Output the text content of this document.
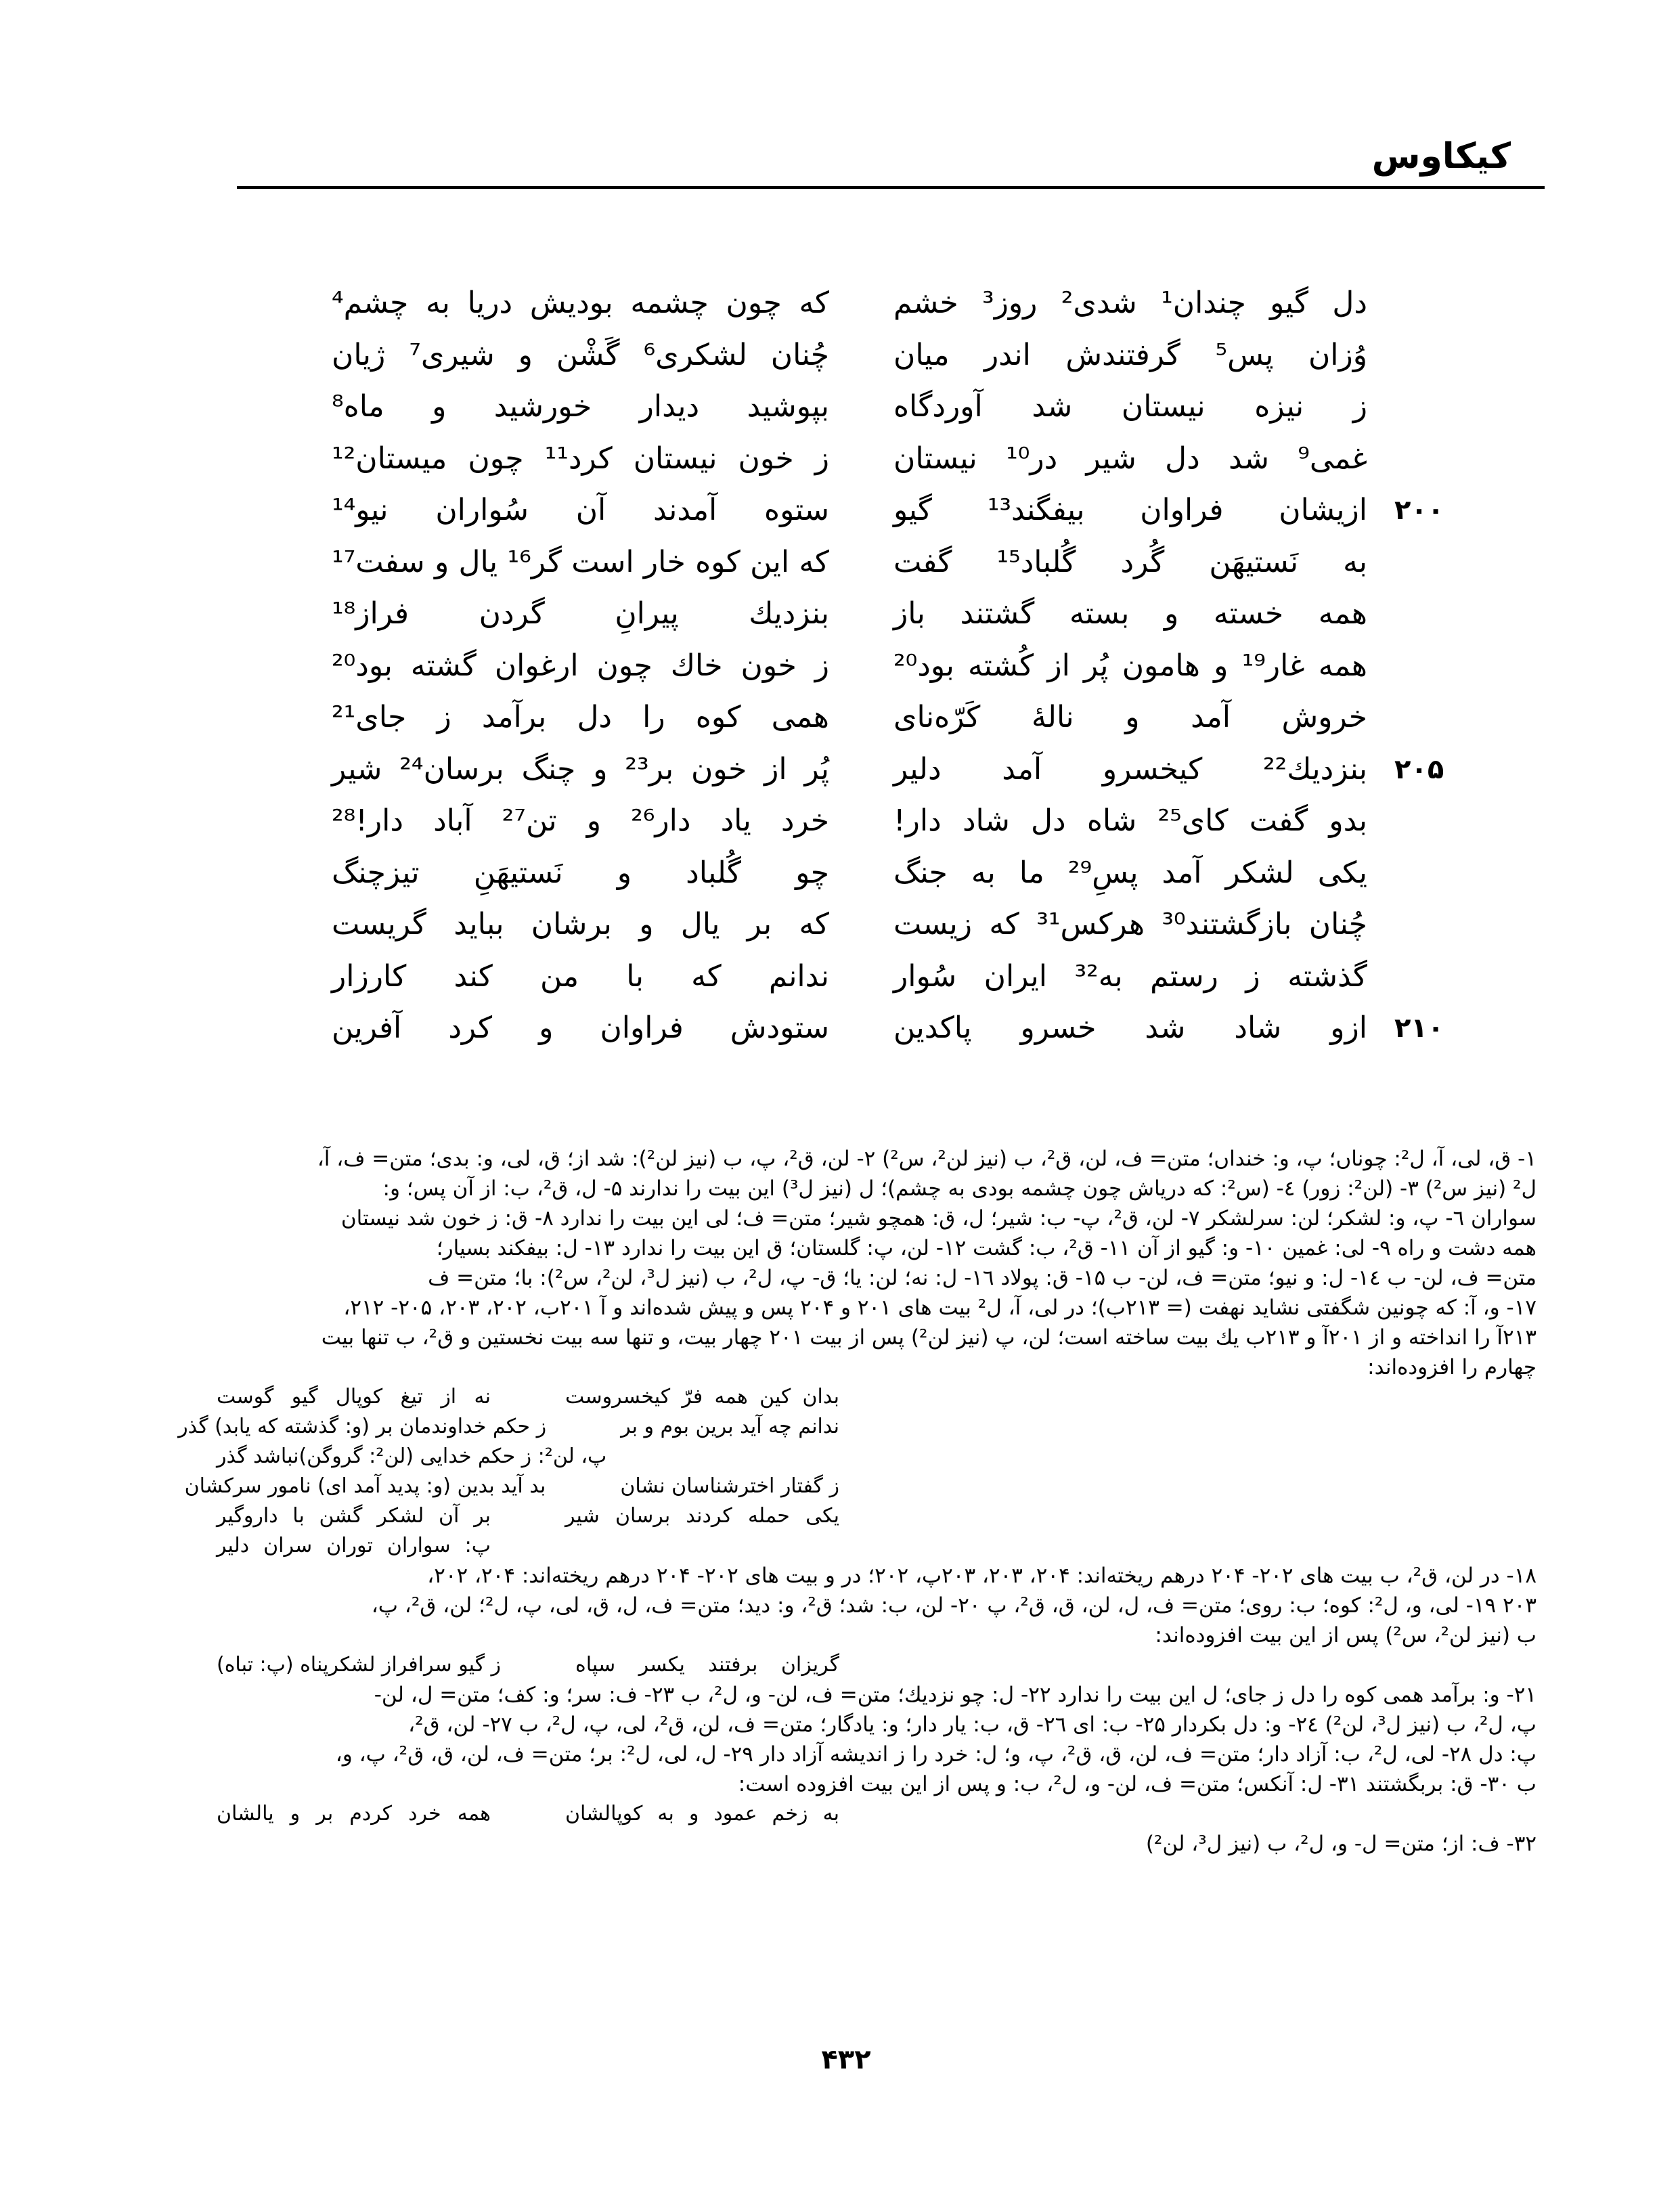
کیکاوس
دل گیو چندان¹ شدی² روز³ خشم
که چون چشمه بودیش دریا به چشم⁴
وُزان پس⁵ گرفتندش اندر میان
چُنان لشکری⁶ گَشْن و شیری⁷ ژیان
ز نیزه نیستان شد آوردگاه
بپوشید دیدار خورشید و ماه⁸
غمی⁹ شد دل شیر در¹⁰ نیستان
ز خون نیستان کرد¹¹ چون میستان¹²
۲۰۰
ازیشان فراوان بیفگند¹³ گیو
ستوه آمدند آن سُواران نیو¹⁴
به نَستیهَن گُرد گُلباد¹⁵ گفت
که این کوه خار است گر¹⁶ یال و سفت¹⁷
همه خسته و بسته گشتند باز
بنزدیك پیرانِ گردن فراز¹⁸
همه غار¹⁹ و هامون پُر از کُشته بود²⁰
ز خون خاك چون ارغوان گشته بود²⁰
خروش آمد و نالهٔ کَرّه‌نای
همی کوه را دل برآمد ز جای²¹
۲۰۵
بنزدیك²² کیخسرو آمد دلیر
پُر از خون بر²³ و چنگ برسان²⁴ شیر
بدو گفت کای²⁵ شاه دل شاد دار!
خرد یاد دار²⁶ و تن²⁷ آباد دار!²⁸
یکی لشکر آمد پسِ²⁹ ما به جنگ
چو گُلباد و نَستیهَنِ تیزچنگ
چُنان بازگشتند³⁰ هرکس³¹ که زیست
که بر یال و برشان بباید گریست
گذشته ز رستم به³² ایران سُوار
ندانم که با من کند کارزار
۲۱۰
ازو شاد شد خسرو پاکدین
ستودش فراوان و کرد آفرین
۱- ق، لی، آ، ل²: چوناں؛ پ، و: خنداں؛ متن= ف، لن، ق²، ب (نیز لن²، س²) ۲- لن، ق²، پ، ب (نیز لن²): شد از؛ ق، لی، و: بدی؛ متن= ف، آ،
ل² (نیز س²) ۳- (لن²: زور) ٤- (س²: که دریاش چون چشمه بودی به چشم)؛ ل (نیز ل³) این بیت را ندارند ۵- ل، ق²، ب: از آن پس؛ و:
سواران ٦- پ، و: لشکر؛ لن: سرلشکر ۷- لن، ق²، پ- ب: شیر؛ ل، ق: همچو شیر؛ متن= ف؛ لی این بیت را ندارد ۸- ق: ز خون شد نیستان
همه دشت و راه ۹- لی: غمین ۱۰- و: گیو از آن ۱۱- ق²، ب: گشت ۱۲- لن، پ: گلستان؛ ق این بیت را ندارد ۱۳- ل: بیفکند بسیار؛
متن= ف، لن- ب ۱٤- ل: و نیو؛ متن= ف، لن- ب ۱۵- ق: پولاد ۱٦- ل: نه؛ لن: یا؛ ق- پ، ل²، ب (نیز ل³، لن²، س²): با؛ متن= ف
۱۷- و، آ: که چونین شگفتی نشاید نهفت (= ۲۱۳ب)؛ در لی، آ، ل² بیت های ۲۰۱ و ۲۰۴ پس و پیش شده‌اند و آ ۲۰۱ب، ۲۰۲، ۲۰۳، ۲۰۵- ۲۱۲،
۲۱۳آ را انداخته و از ۲۰۱آ و ۲۱۳ب یك بیت ساخته است؛ لن، پ (نیز لن²) پس از بیت ۲۰۱ چهار بیت، و تنها سه بیت نخستین و ق²، ب تنها بیت
چهارم را افزوده‌اند:
بدان کین همه فرّ کیخسروست
نه از تیغ کوپال گیو گوست
ندانم چه آید برین بوم و بر
ز حکم خداوندمان بر (و: گذشته که یابد) گذر
پ، لن²: ز حکم خدایی (لن²: گروگن)نباشد گذر
ز گفتار اخترشناسان نشان
بد آید بدین (و: پدید آمد ای) نامور سرکشان
یکی حمله کردند برسان شیر
بر آن لشکر گشن با داروگیر
پ: سواران توران سران دلیر
۱۸- در لن، ق²، ب بیت های ۲۰۲- ۲۰۴ درهم ریخته‌اند: ۲۰۴، ۲۰۳، ۲۰۳پ، ۲۰۲؛ در و بیت های ۲۰۲- ۲۰۴ درهم ریخته‌اند: ۲۰۴، ۲۰۲،
۲۰۳ ۱۹- لی، و، ل²: کوه؛ ب: روی؛ متن= ف، ل، لن، ق، ق²، پ ۲۰- لن، ب: شد؛ ق²، و: دید؛ متن= ف، ل، ق، لی، پ، ل²؛ لن، ق²، پ،
ب (نیز لن²، س²) پس از این بیت افزوده‌اند:
گریزان برفتند یکسر سپاه
ز گیو سرافراز لشکرپناه (پ: تباه)
۲۱- و: برآمد همی کوه را دل ز جای؛ ل این بیت را ندارد ۲۲- ل: چو نزدیك؛ متن= ف، لن- و، ل²، ب ۲۳- ف: سر؛ و: کف؛ متن= ل، لن-
پ، ل²، ب (نیز ل³، لن²) ۲٤- و: دل بکردار ۲۵- ب: ای ۲٦- ق، ب: یار دار؛ و: یادگار؛ متن= ف، لن، ق²، لی، پ، ل²، ب ۲۷- لن، ق²،
پ: دل ۲۸- لی، ل²، ب: آزاد دار؛ متن= ف، لن، ق، ق²، پ، و؛ ل: خرد را ز اندیشه آزاد دار ۲۹- ل، لی، ل²: بر؛ متن= ف، لن، ق، ق²، پ، و،
ب ۳۰- ق: بربگشتند ۳۱- ل: آنکس؛ متن= ف، لن- و، ل²، ب: و پس از این بیت افزوده است:
به زخم عمود و به کوپالشان
همه خرد کردم بر و یالشان
۳۲- ف: از؛ متن= ل- و، ل²، ب (نیز ل³، لن²)
۴۳۲
